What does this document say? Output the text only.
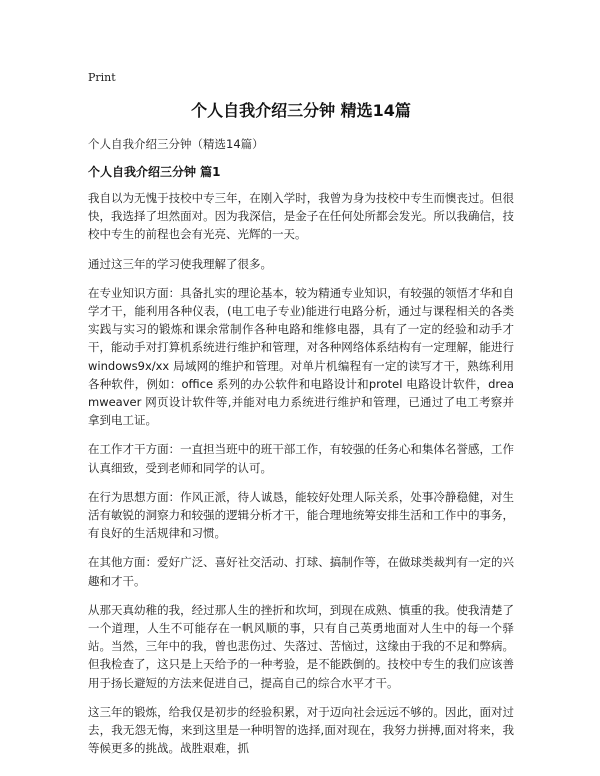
Print
个人自我介绍三分钟 精选14篇
个人自我介绍三分钟（精选14篇）
个人自我介绍三分钟 篇1

我自以为无愧于技校中专三年，在刚入学时，我曾为身为技校中专生而懊丧过。但很快，我选择了坦然面对。因为我深信，是金子在任何处所都会发光。所以我确信，技校中专生的前程也会有光亮、光辉的一天。

通过这三年的学习使我理解了很多。

在专业知识方面：具备扎实的理论基本，较为精通专业知识，有较强的领悟才华和自学才干，能利用各种仪表，(电工电子专业)能进行电路分析，通过与课程相关的各类实践与实习的锻炼和课余常制作各种电路和维修电器，具有了一定的经验和动手才干，能动手对打算机系统进行维护和管理，对各种网络体系结构有一定理解，能进行windows9x/xx 局域网的维护和管理。对单片机编程有一定的读写才干，熟练利用各种软件，例如：office 系列的办公软件和电路设计和protel 电路设计软件，dreamweaver 网页设计软件等,并能对电力系统进行维护和管理，已通过了电工考察并拿到电工证。

在工作才干方面：一直担当班中的班干部工作，有较强的任务心和集体名誉感，工作认真细致，受到老师和同学的认可。

在行为思想方面：作风正派，待人诚恳，能较好处理人际关系，处事冷静稳健，对生活有敏锐的洞察力和较强的逻辑分析才干，能合理地统筹安排生活和工作中的事务，有良好的生活规律和习惯。

在其他方面：爱好广泛、喜好社交活动、打球、搞制作等，在做球类裁判有一定的兴趣和才干。

从那天真幼稚的我，经过那人生的挫折和坎坷，到现在成熟、慎重的我。使我清楚了一个道理，人生不可能存在一帆风顺的事，只有自己英勇地面对人生中的每一个驿站。当然，三年中的我，曾也悲伤过、失落过、苦恼过，这缘由于我的不足和弊病。但我检查了，这只是上天给予的一种考验，是不能跌倒的。技校中专生的我们应该善用于扬长避短的方法来促进自己，提高自己的综合水平才干。

这三年的锻炼，给我仅是初步的经验积累，对于迈向社会远远不够的。因此，面对过去，我无怨无悔，来到这里是一种明智的选择,面对现在，我努力拼搏,面对将来，我等候更多的挑战。战胜艰难，抓
